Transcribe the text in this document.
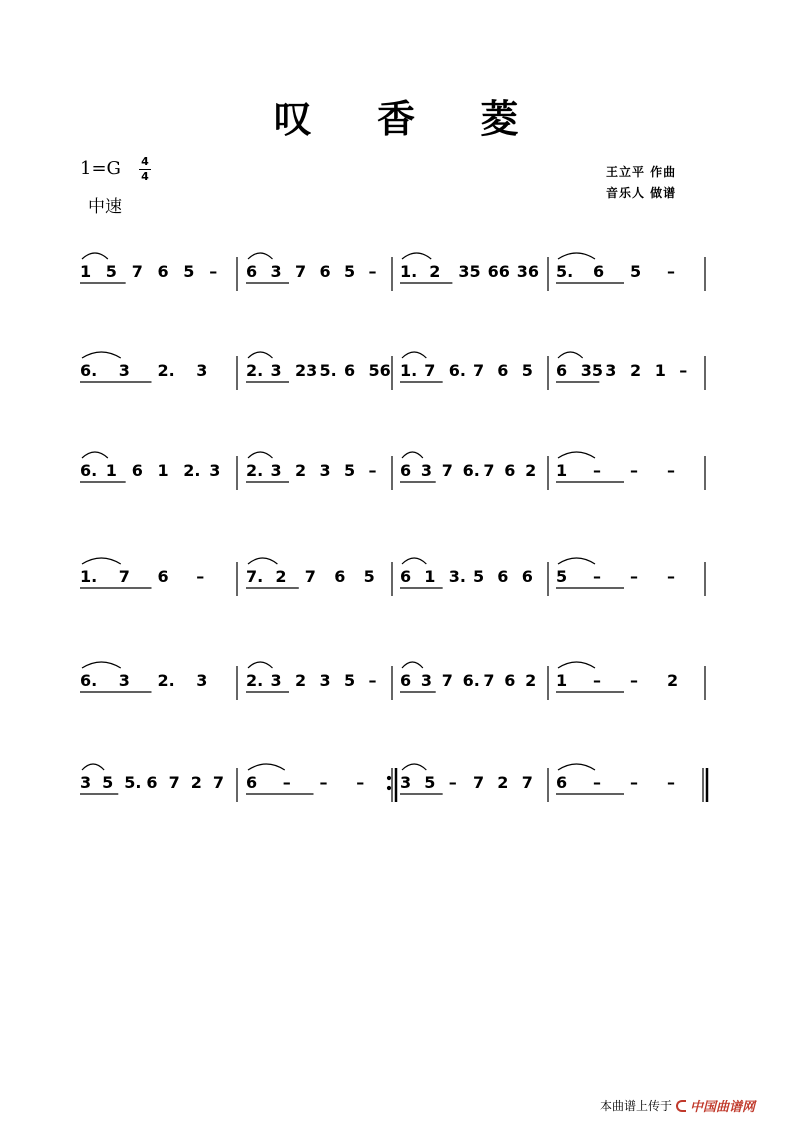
叹 香 菱
1=G 4
4
中速
王立平 作曲
音乐人 做谱
1 5 7 6 5 – 6 3 7 6 5 – 1. 2 35 66 36 5. 6 5 –
6. 3 2. 3 2. 3 23 5. 6 56 1. 7 6. 7 6 5 6 35 3 2 1 –
6. 1 6 1 2. 3 2. 3 2 3 5 – 6 3 7 6. 7 6 2 1 – – –
1. 7 6 –	7. 2 7 6 5 6 1 3. 5 6 6 5 – – –
6. 3 2. 3 2. 3 2 3 5 – 6 3 7 6. 7 6 2 1 – – 2
3 5 5. 6 7 2 7 6 – – – 3 5 – 7 2 7 6 – – –
本曲谱上传于 中国曲谱网
